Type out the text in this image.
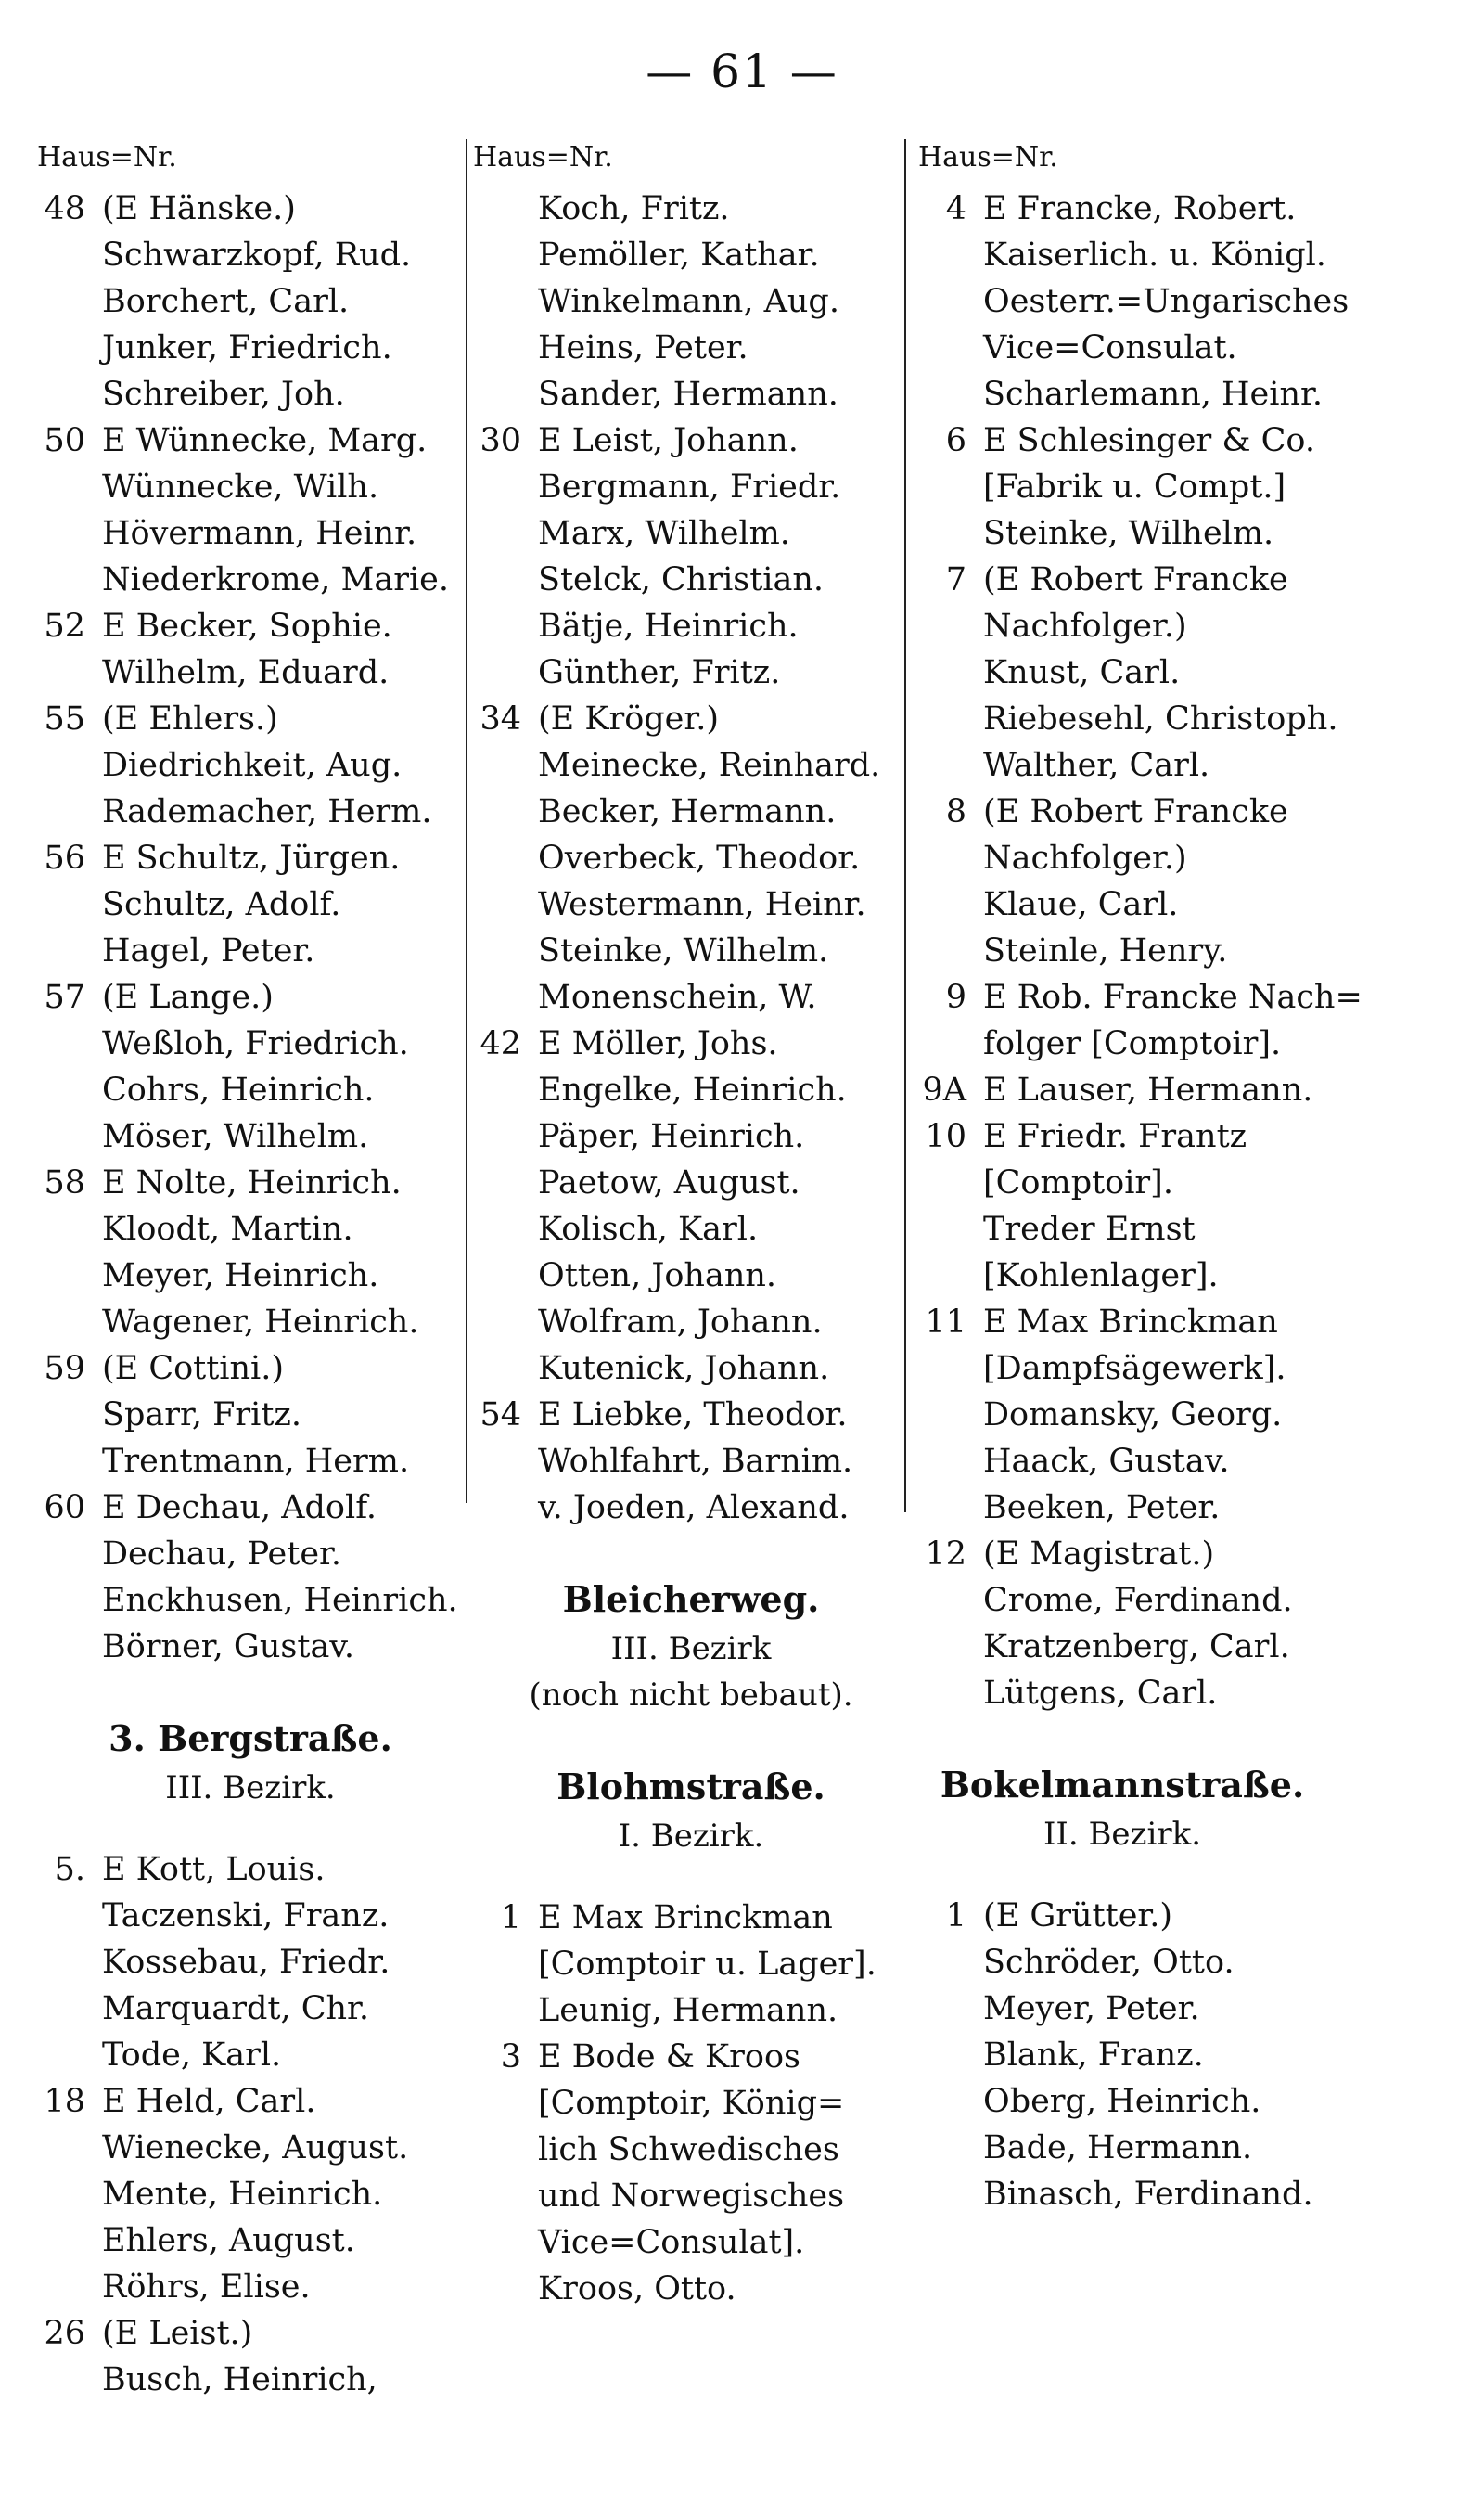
— 61 —
Haus=Nr.
48 (E Hänske.)
Schwarzkopf, Rud.
Borchert, Carl.
Junker, Friedrich.
Schreiber, Joh.
50 E Wünnecke, Marg.
Wünnecke, Wilh.
Hövermann, Heinr.
Niederkrome, Marie.
52 E Becker, Sophie.
Wilhelm, Eduard.
55 (E Ehlers.)
Diedrichkeit, Aug.
Rademacher, Herm.
56 E Schultz, Jürgen.
Schultz, Adolf.
Hagel, Peter.
57 (E Lange.)
Weßloh, Friedrich.
Cohrs, Heinrich.
Möser, Wilhelm.
58 E Nolte, Heinrich.
Kloodt, Martin.
Meyer, Heinrich.
Wagener, Heinrich.
59 (E Cottini.)
Sparr, Fritz.
Trentmann, Herm.
60 E Dechau, Adolf.
Dechau, Peter.
Enckhusen, Heinrich.
Börner, Gustav.
3. Bergstraße.
III. Bezirk.
5. E Kott, Louis.
Taczenski, Franz.
Kossebau, Friedr.
Marquardt, Chr.
Tode, Karl.
18 E Held, Carl.
Wienecke, August.
Mente, Heinrich.
Ehlers, August.
Röhrs, Elise.
26 (E Leist.)
Busch, Heinrich,
Haus=Nr.
Koch, Fritz.
Pemöller, Kathar.
Winkelmann, Aug.
Heins, Peter.
Sander, Hermann.
30 E Leist, Johann.
Bergmann, Friedr.
Marx, Wilhelm.
Stelck, Christian.
Bätje, Heinrich.
Günther, Fritz.
34 (E Kröger.)
Meinecke, Reinhard.
Becker, Hermann.
Overbeck, Theodor.
Westermann, Heinr.
Steinke, Wilhelm.
Monenschein, W.
42 E Möller, Johs.
Engelke, Heinrich.
Päper, Heinrich.
Paetow, August.
Kolisch, Karl.
Otten, Johann.
Wolfram, Johann.
Kutenick, Johann.
54 E Liebke, Theodor.
Wohlfahrt, Barnim.
v. Joeden, Alexand.
Bleicherweg.
III. Bezirk
(noch nicht bebaut).
Blohmstraße.
I. Bezirk.
1 E Max Brinckman
[Comptoir u. Lager].
Leunig, Hermann.
3 E Bode & Kroos
[Comptoir, König=
lich Schwedisches
und Norwegisches
Vice=Consulat].
Kroos, Otto.
Haus=Nr.
4 E Francke, Robert.
Kaiserlich. u. Königl.
Oesterr.=Ungarisches
Vice=Consulat.
Scharlemann, Heinr.
6 E Schlesinger & Co.
[Fabrik u. Compt.]
Steinke, Wilhelm.
7 (E Robert Francke
Nachfolger.)
Knust, Carl.
Riebesehl, Christoph.
Walther, Carl.
8 (E Robert Francke
Nachfolger.)
Klaue, Carl.
Steinle, Henry.
9 E Rob. Francke Nach=
folger [Comptoir].
9A E Lauser, Hermann.
10 E Friedr. Frantz
[Comptoir].
Treder Ernst
[Kohlenlager].
11 E Max Brinckman
[Dampfsägewerk].
Domansky, Georg.
Haack, Gustav.
Beeken, Peter.
12 (E Magistrat.)
Crome, Ferdinand.
Kratzenberg, Carl.
Lütgens, Carl.
Bokelmannstraße.
II. Bezirk.
1 (E Grütter.)
Schröder, Otto.
Meyer, Peter.
Blank, Franz.
Oberg, Heinrich.
Bade, Hermann.
Binasch, Ferdinand.
